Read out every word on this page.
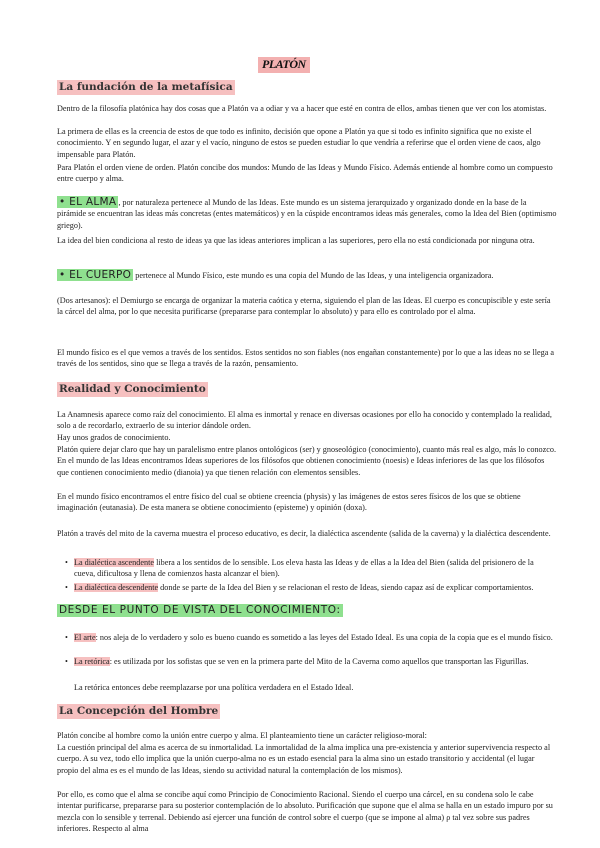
PLATÓN
La fundación de la metafísica
Dentro de la filosofía platónica hay dos cosas que a Platón va a odiar y va a hacer que esté en contra de ellos, ambas tienen que ver con los atomistas.
La primera de ellas es la creencia de estos de que todo es infinito, decisión que opone a Platón ya que si todo es infinito significa que no existe el conocimiento. Y en segundo lugar, el azar y el vacío, ninguno de estos se pueden estudiar lo que vendría a referirse que el orden viene de caos, algo impensable para Platón.
Para Platón el orden viene de orden. Platón concibe dos mundos: Mundo de las Ideas y Mundo Físico. Además entiende al hombre como un compuesto entre cuerpo y alma.
• EL ALMA , por naturaleza pertenece al Mundo de las Ideas. Este mundo es un sistema jerarquizado y organizado donde en la base de la pirámide se encuentran las ideas más concretas (entes matemáticos) y en la cúspide encontramos ideas más generales, como la Idea del Bien (optimismo griego).
La idea del bien condiciona al resto de ideas ya que las ideas anteriores implican a las superiores, pero ella no está condicionada por ninguna otra.
• EL CUERPO pertenece al Mundo Físico, este mundo es una copia del Mundo de las Ideas, y una inteligencia organizadora.
(Dos artesanos): el Demiurgo se encarga de organizar la materia caótica y eterna, siguiendo el plan de las Ideas. El cuerpo es concupiscible y este sería la cárcel del alma, por lo que necesita purificarse (prepararse para contemplar lo absoluto) y para ello es controlado por el alma.
El mundo físico es el que vemos a través de los sentidos. Estos sentidos no son fiables (nos engañan constantemente) por lo que a las ideas no se llega a través de los sentidos, sino que se llega a través de la razón, pensamiento.
Realidad y Conocimiento
La Anamnesis aparece como raíz del conocimiento. El alma es inmortal y renace en diversas ocasiones por ello ha conocido y contemplado la realidad, solo a de recordarlo, extraerlo de su interior dándole orden.
Hay unos grados de conocimiento.
Platón quiere dejar claro que hay un paralelismo entre planos ontológicos (ser) y gnoseológico (conocimiento), cuanto más real es algo, más lo conozco. En el mundo de las Ideas encontramos Ideas superiores de los filósofos que obtienen conocimiento (noesis) e Ideas inferiores de las que los filósofos que contienen conocimiento medio (dianoia) ya que tienen relación con elementos sensibles.
En el mundo físico encontramos el entre físico del cual se obtiene creencia (physis) y las imágenes de estos seres físicos de los que se obtiene imaginación (eutanasia). De esta manera se obtiene conocimiento (episteme) y opinión (doxa).
Platón a través del mito de la caverna muestra el proceso educativo, es decir, la dialéctica ascendente (salida de la caverna) y la dialéctica descendente.
• La dialéctica ascendente libera a los sentidos de lo sensible. Los eleva hasta las Ideas y de ellas a la Idea del Bien (salida del prisionero de la cueva, dificultosa y llena de comienzos hasta alcanzar el bien).
• La dialéctica descendente donde se parte de la Idea del Bien y se relacionan el resto de Ideas, siendo capaz así de explicar comportamientos.
DESDE EL PUNTO DE VISTA DEL CONOCIMIENTO:
• El arte: nos aleja de lo verdadero y solo es bueno cuando es sometido a las leyes del Estado Ideal. Es una copia de la copia que es el mundo físico.
• La retórica: es utilizada por los sofistas que se ven en la primera parte del Mito de la Caverna como aquellos que transportan las Figurillas.
La retórica entonces debe reemplazarse por una política verdadera en el Estado Ideal.
La Concepción del Hombre
Platón concibe al hombre como la unión entre cuerpo y alma. El planteamiento tiene un carácter religioso-moral:
La cuestión principal del alma es acerca de su inmortalidad. La inmortalidad de la alma implica una pre-existencia y anterior supervivencia respecto al cuerpo. A su vez, todo ello implica que la unión cuerpo-alma no es un estado esencial para la alma sino un estado transitorio y accidental (el lugar propio del alma es es el mundo de las Ideas, siendo su actividad natural la contemplación de los mismos).
Por ello, es como que el alma se concibe aquí como Principio de Conocimiento Racional. Siendo el cuerpo una cárcel, en su condena solo le cabe intentar purificarse, prepararse para su posterior contemplación de lo absoluto. Purificación que supone que el alma se halla en un estado impuro por su mezcla con lo sensible y terrenal. Debiendo así ejercer una función de control sobre el cuerpo (que se impone al alma) ρ tal vez sobre sus padres inferiores. Respecto al alma
